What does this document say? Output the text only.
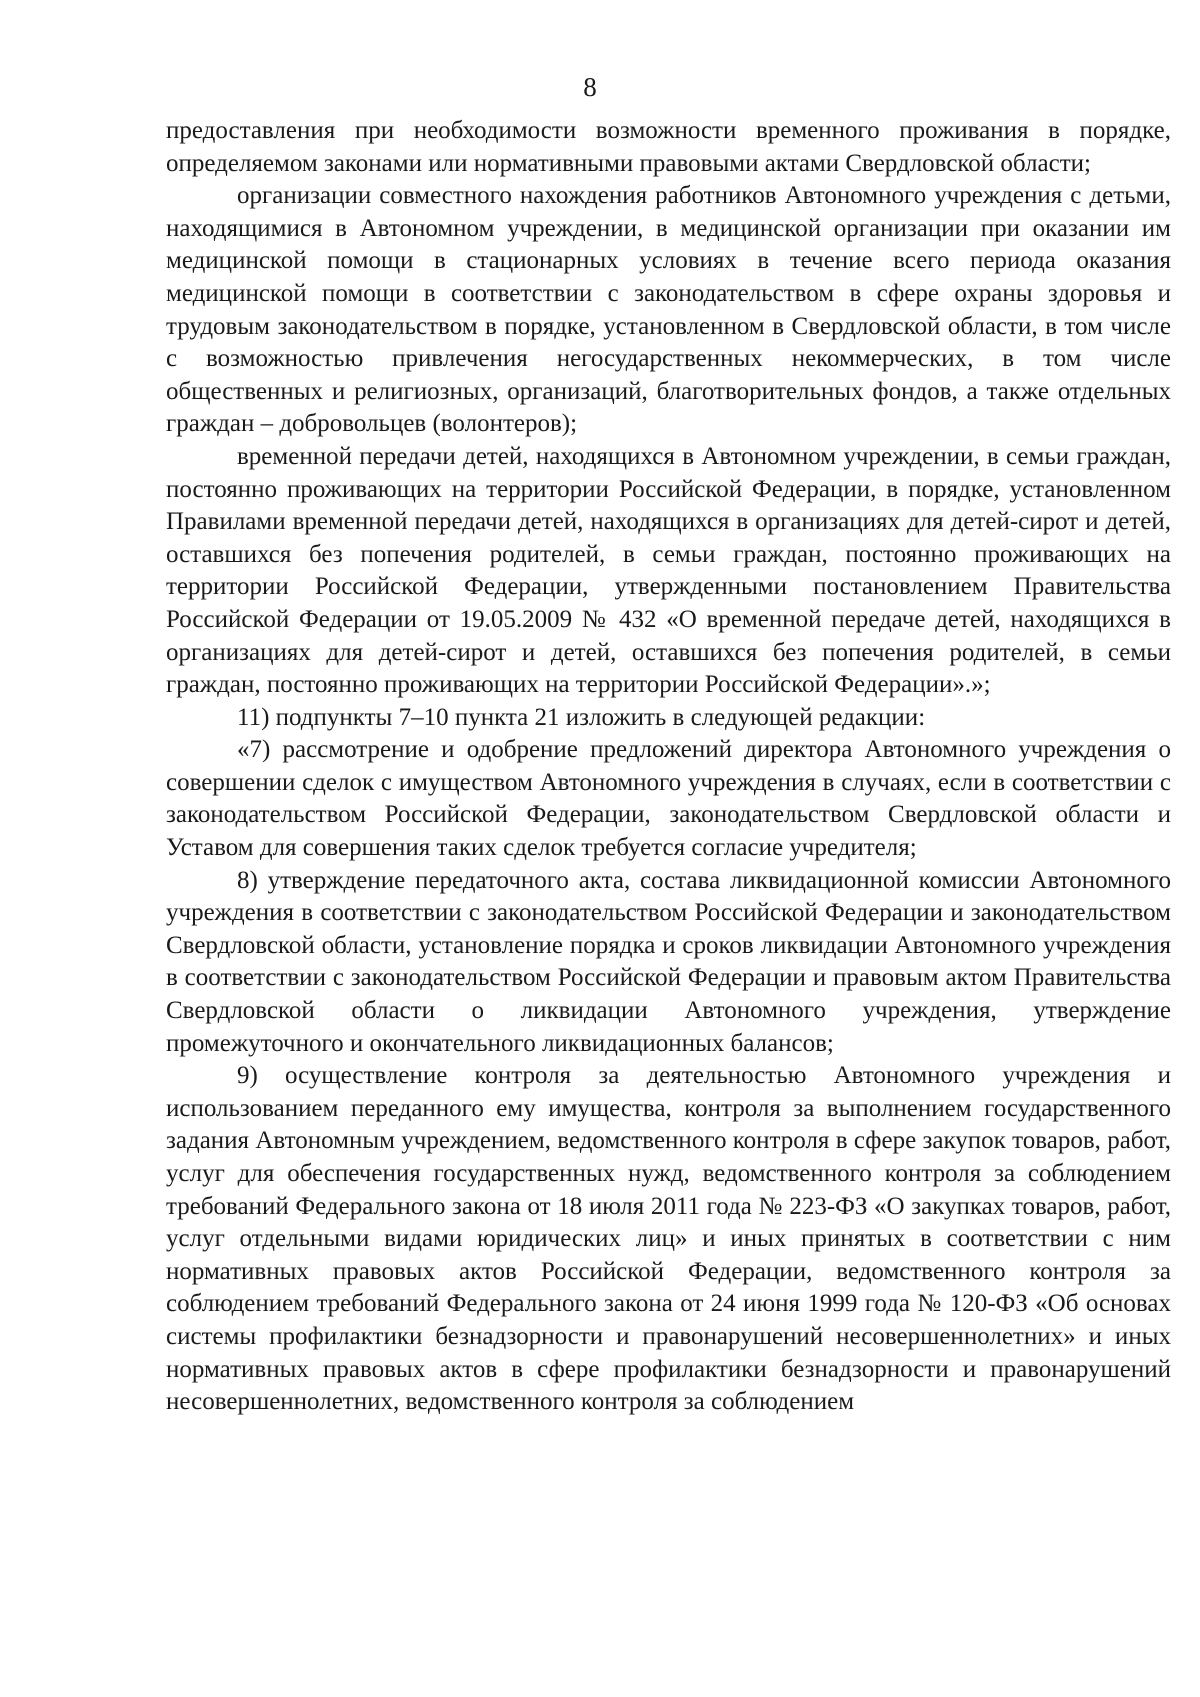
8

предоставления при необходимости возможности временного проживания в порядке, определяемом законами или нормативными правовыми актами Свердловской области;

организации совместного нахождения работников Автономного учреждения с детьми, находящимися в Автономном учреждении, в медицинской организации при оказании им медицинской помощи в стационарных условиях в течение всего периода оказания медицинской помощи в соответствии с законодательством в сфере охраны здоровья и трудовым законодательством в порядке, установленном в Свердловской области, в том числе с возможностью привлечения негосударственных некоммерческих, в том числе общественных и религиозных, организаций, благотворительных фондов, а также отдельных граждан – добровольцев (волонтеров);

временной передачи детей, находящихся в Автономном учреждении, в семьи граждан, постоянно проживающих на территории Российской Федерации, в порядке, установленном Правилами временной передачи детей, находящихся в организациях для детей-сирот и детей, оставшихся без попечения родителей, в семьи граждан, постоянно проживающих на территории Российской Федерации, утвержденными постановлением Правительства Российской Федерации от 19.05.2009 № 432 «О временной передаче детей, находящихся в организациях для детей-сирот и детей, оставшихся без попечения родителей, в семьи граждан, постоянно проживающих на территории Российской Федерации».»;

11) подпункты 7–10 пункта 21 изложить в следующей редакции:

«7) рассмотрение и одобрение предложений директора Автономного учреждения о совершении сделок с имуществом Автономного учреждения в случаях, если в соответствии с законодательством Российской Федерации, законодательством Свердловской области и Уставом для совершения таких сделок требуется согласие учредителя;

8) утверждение передаточного акта, состава ликвидационной комиссии Автономного учреждения в соответствии с законодательством Российской Федерации и законодательством Свердловской области, установление порядка и сроков ликвидации Автономного учреждения в соответствии с законодательством Российской Федерации и правовым актом Правительства Свердловской области о ликвидации Автономного учреждения, утверждение промежуточного и окончательного ликвидационных балансов;

9) осуществление контроля за деятельностью Автономного учреждения и использованием переданного ему имущества, контроля за выполнением государственного задания Автономным учреждением, ведомственного контроля в сфере закупок товаров, работ, услуг для обеспечения государственных нужд, ведомственного контроля за соблюдением требований Федерального закона от 18 июля 2011 года № 223-ФЗ «О закупках товаров, работ, услуг отдельными видами юридических лиц» и иных принятых в соответствии с ним нормативных правовых актов Российской Федерации, ведомственного контроля за соблюдением требований Федерального закона от 24 июня 1999 года № 120-ФЗ «Об основах системы профилактики безнадзорности и правонарушений несовершеннолетних» и иных нормативных правовых актов в сфере профилактики безнадзорности и правонарушений несовершеннолетних, ведомственного контроля за соблюдением
